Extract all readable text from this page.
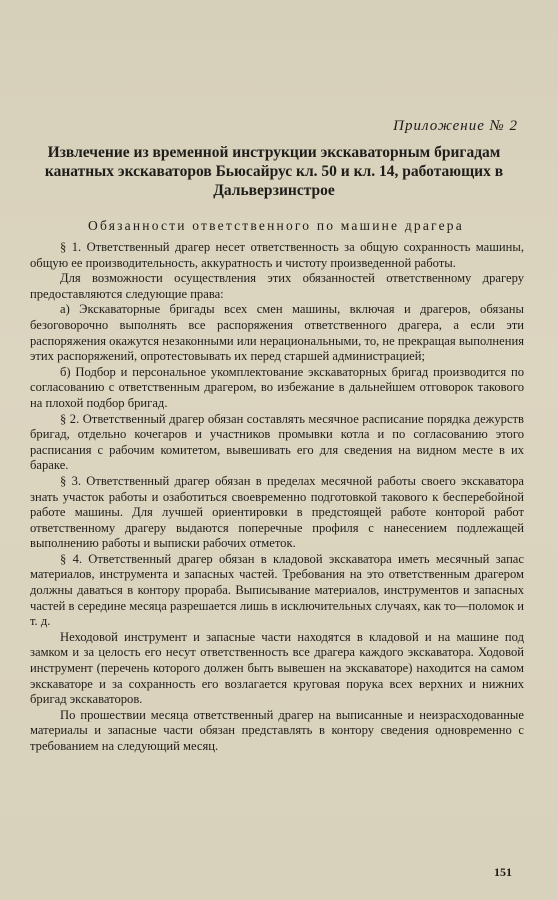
Приложение № 2
Извлечение из временной инструкции экскаваторным бригадам канатных экскаваторов Бьюсайрус кл. 50 и кл. 14, работающих в Дальверзинстрое
Обязанности ответственного по машине драгера

§ 1. Ответственный драгер несет ответственность за общую сохранность машины, общую ее производительность, аккуратность и чистоту произведенной работы.

Для возможности осуществления этих обязанностей ответственному драгеру предоставляются следующие права:

а) Экскаваторные бригады всех смен машины, включая и драгеров, обязаны безоговорочно выполнять все распоряжения ответственного драгера, а если эти распоряжения окажутся незаконными или нерациональными, то, не прекращая выполнения этих распоряжений, опротестовывать их перед старшей администрацией;

б) Подбор и персональное укомплектование экскаваторных бригад производится по согласованию с ответственным драгером, во избежание в дальнейшем отговорок такового на плохой подбор бригад.

§ 2. Ответственный драгер обязан составлять месячное расписание порядка дежурств бригад, отдельно кочегаров и участников промывки котла и по согласованию этого расписания с рабочим комитетом, вывешивать его для сведения на видном месте в их бараке.

§ 3. Ответственный драгер обязан в пределах месячной работы своего экскаватора знать участок работы и озаботиться своевременно подготовкой такового к бесперебойной работе машины. Для лучшей ориентировки в предстоящей работе конторой работ ответственному драгеру выдаются поперечные профиля с нанесением подлежащей выполнению работы и выписки рабочих отметок.

§ 4. Ответственный драгер обязан в кладовой экскаватора иметь месячный запас материалов, инструмента и запасных частей. Требования на это ответственным драгером должны даваться в контору прораба. Выписывание материалов, инструментов и запасных частей в середине месяца разрешается лишь в исключительных случаях, как то—поломок и т. д.

Неходовой инструмент и запасные части находятся в кладовой и на машине под замком и за целость его несут ответственность все драгера каждого экскаватора. Ходовой инструмент (перечень которого должен быть вывешен на экскаваторе) находится на самом экскаваторе и за сохранность его возлагается круговая порука всех верхних и нижних бригад экскаваторов.

По прошествии месяца ответственный драгер на выписанные и неизрасходованные материалы и запасные части обязан представлять в контору сведения одновременно с требованием на следующий месяц.

151
